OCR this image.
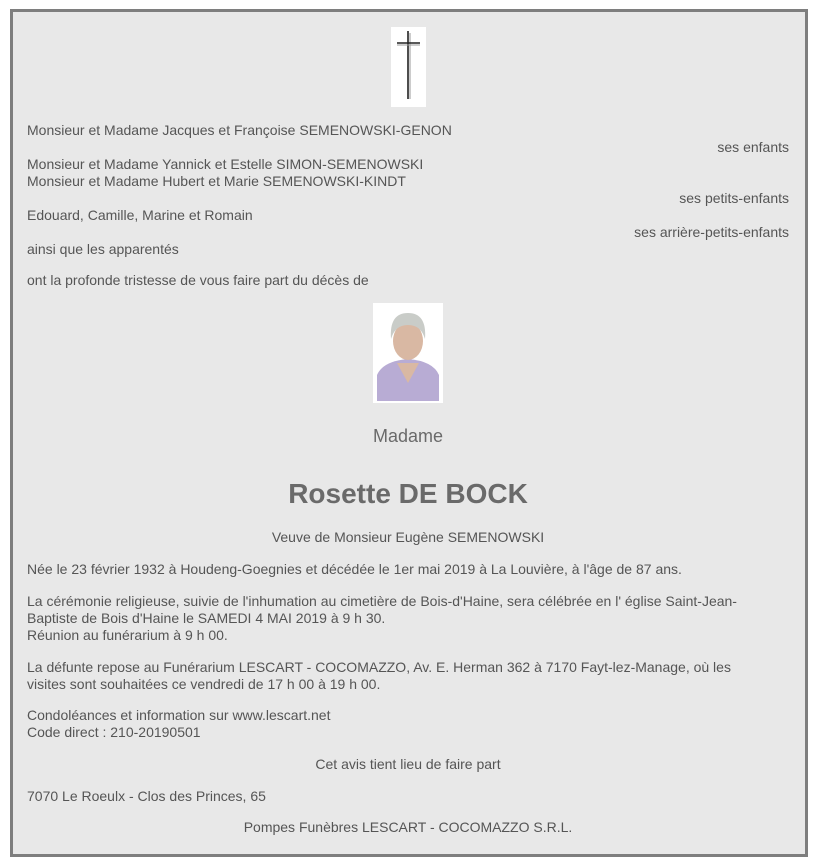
Monsieur et Madame Jacques et Françoise SEMENOWSKI-GENON
ses enfants
Monsieur et Madame Yannick et Estelle SIMON-SEMENOWSKI
Monsieur et Madame Hubert et Marie SEMENOWSKI-KINDT
ses petits-enfants
Edouard, Camille, Marine et Romain
ses arrière-petits-enfants
ainsi que les apparentés
ont la profonde tristesse de vous faire part du décès de
Madame
Rosette DE BOCK
Veuve de Monsieur Eugène SEMENOWSKI
Née le 23 février 1932 à Houdeng-Goegnies et décédée le 1er mai 2019 à La Louvière, à l'âge de 87 ans.
La cérémonie religieuse, suivie de l'inhumation au cimetière de Bois-d'Haine, sera célébrée en l' église Saint-Jean-
Baptiste de Bois d'Haine le SAMEDI 4 MAI 2019 à 9 h 30.
Réunion au funérarium à 9 h 00.
La défunte repose au Funérarium LESCART - COCOMAZZO, Av. E. Herman 362 à 7170 Fayt-lez-Manage, où les
visites sont souhaitées ce vendredi de 17 h 00 à 19 h 00.
Condoléances et information sur www.lescart.net
Code direct : 210-20190501
Cet avis tient lieu de faire part
7070 Le Roeulx - Clos des Princes, 65
Pompes Funèbres LESCART - COCOMAZZO S.R.L.
